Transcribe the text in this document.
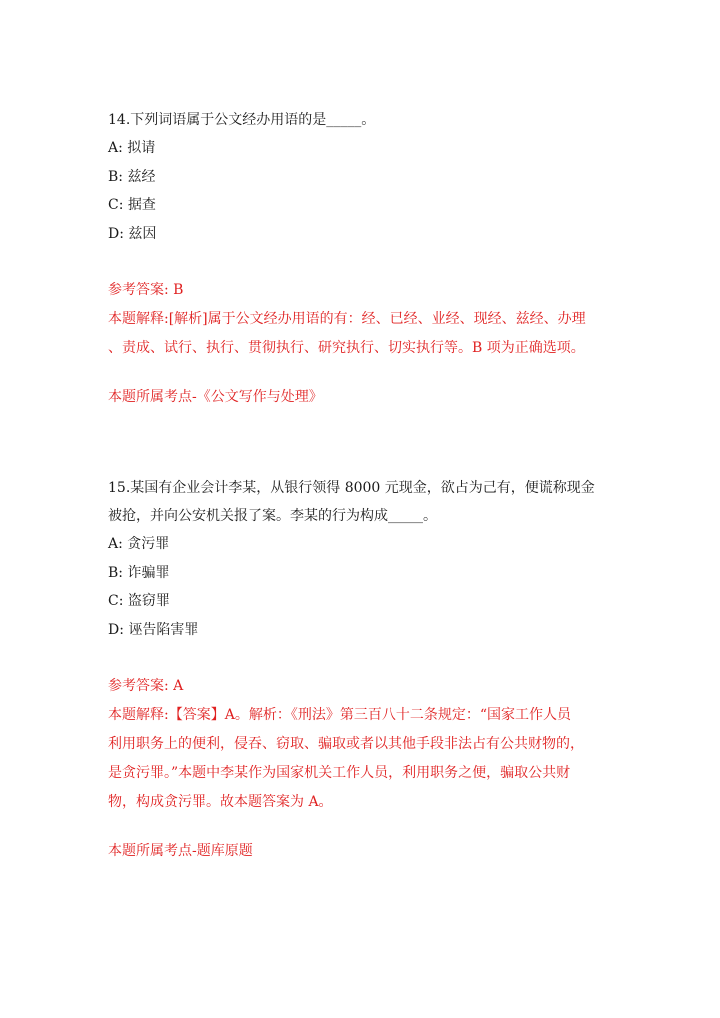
14.下列词语属于公文经办用语的是_____。

A: 拟请

B: 兹经

C: 据查

D: 兹因

参考答案: B

本题解释:[解析]属于公文经办用语的有：经、已经、业经、现经、兹经、办理

、责成、试行、执行、贯彻执行、研究执行、切实执行等。B 项为正确选项。

本题所属考点-《公文写作与处理》

15.某国有企业会计李某，从银行领得 8000 元现金，欲占为己有，便谎称现金

被抢，并向公安机关报了案。李某的行为构成_____。

A: 贪污罪

B: 诈骗罪

C: 盗窃罪

D: 诬告陷害罪

参考答案: A

本题解释:【答案】A。解析：《刑法》第三百八十二条规定：“国家工作人员

利用职务上的便利，侵吞、窃取、骗取或者以其他手段非法占有公共财物的，

是贪污罪。”本题中李某作为国家机关工作人员，利用职务之便，骗取公共财

物，构成贪污罪。故本题答案为 A。

本题所属考点-题库原题
